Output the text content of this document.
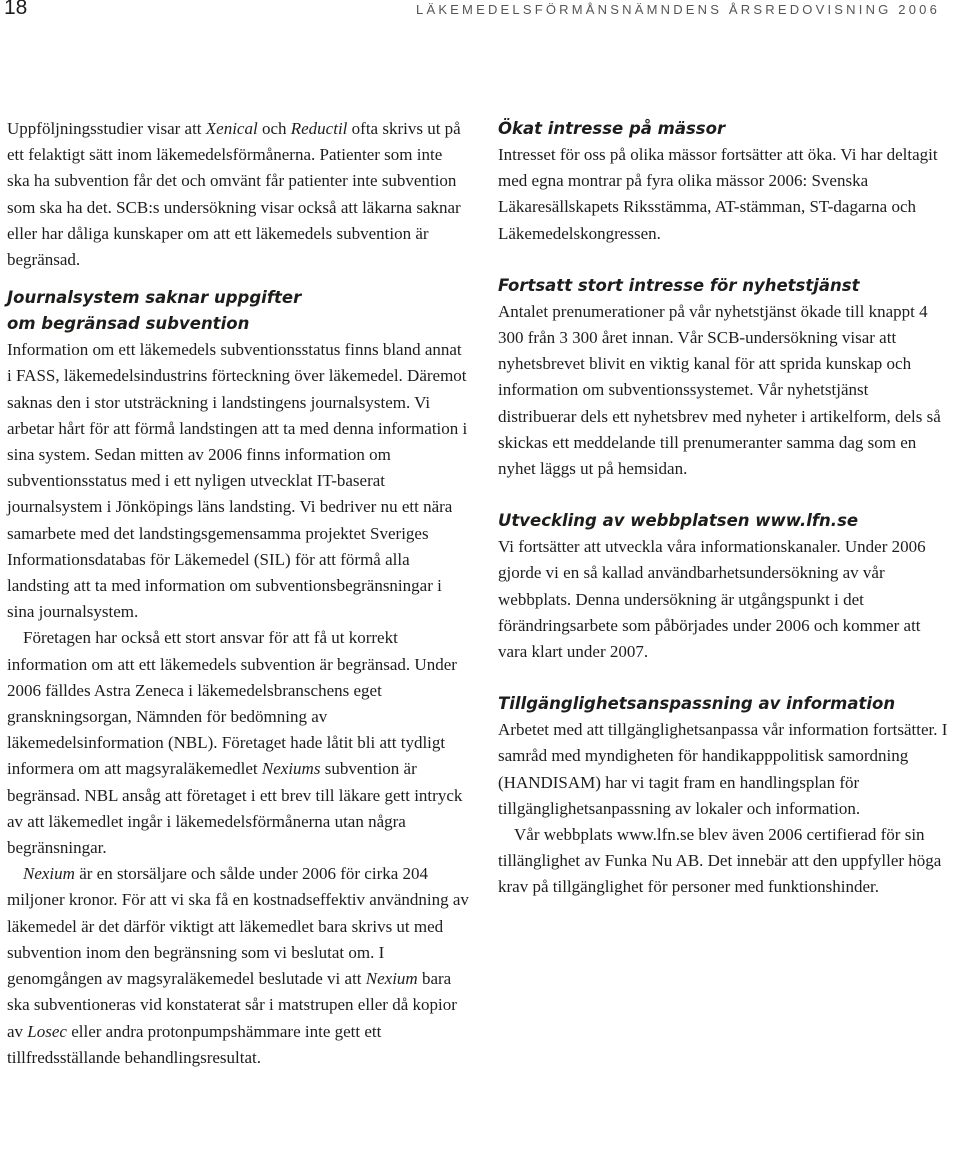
18	LÄKEMEDELSFÖRMÅNSNÄMNDENS ÅRSREDOVISNING 2006

Uppföljningsstudier visar att Xenical och Reductil ofta skrivs ut på ett felaktigt sätt inom läkemedelsförmånerna. Patienter som inte ska ha subvention får det och omvänt får patienter inte subvention som ska ha det. SCB:s undersökning visar också att läkarna saknar eller har dåliga kunskaper om att ett läkemedels subvention är begränsad.

Journalsystem saknar uppgifter
om begränsad subvention

Information om ett läkemedels subventionsstatus finns bland annat i FASS, läkemedelsindustrins förteckning över läkemedel. Däremot saknas den i stor utsträckning i landstingens journalsystem. Vi arbetar hårt för att förmå landstingen att ta med denna information i sina system. Sedan mitten av 2006 finns information om subventionsstatus med i ett nyligen utvecklat IT-baserat journalsystem i Jönköpings läns landsting. Vi bedriver nu ett nära samarbete med det landstingsgemensamma projektet Sveriges Informationsdatabas för Läkemedel (SIL) för att förmå alla landsting att ta med information om subventionsbegränsningar i sina journalsystem.

Företagen har också ett stort ansvar för att få ut korrekt information om att ett läkemedels subvention är begränsad. Under 2006 fälldes Astra Zeneca i läkemedelsbranschens eget granskningsorgan, Nämnden för bedömning av läkemedelsinformation (NBL). Företaget hade låtit bli att tydligt informera om att magsyraläkemedlet Nexiums subvention är begränsad. NBL ansåg att företaget i ett brev till läkare gett intryck av att läkemedlet ingår i läkemedelsförmånerna utan några begränsningar.

Nexium är en storsäljare och sålde under 2006 för cirka 204 miljoner kronor. För att vi ska få en kostnadseffektiv användning av läkemedel är det därför viktigt att läkemedlet bara skrivs ut med subvention inom den begränsning som vi beslutat om. I genomgången av magsyraläkemedel beslutade vi att Nexium bara ska subventioneras vid konstaterat sår i matstrupen eller då kopior av Losec eller andra protonpumpshämmare inte gett ett tillfredsställande behandlingsresultat.

Ökat intresse på mässor

Intresset för oss på olika mässor fortsätter att öka. Vi har deltagit med egna montrar på fyra olika mässor 2006: Svenska Läkaresällskapets Riksstämma, AT-stämman, ST-dagarna och Läkemedelskongressen.

Fortsatt stort intresse för nyhetstjänst

Antalet prenumerationer på vår nyhetstjänst ökade till knappt 4 300 från 3 300 året innan. Vår SCB-undersökning visar att nyhetsbrevet blivit en viktig kanal för att sprida kunskap och information om subventionssystemet. Vår nyhetstjänst distribuerar dels ett nyhetsbrev med nyheter i artikelform, dels så skickas ett meddelande till prenumeranter samma dag som en nyhet läggs ut på hemsidan.

Utveckling av webbplatsen www.lfn.se

Vi fortsätter att utveckla våra informationskanaler. Under 2006 gjorde vi en så kallad användbarhetsundersökning av vår webbplats. Denna undersökning är utgångspunkt i det förändringsarbete som påbörjades under 2006 och kommer att vara klart under 2007.

Tillgänglighetsanspassning av information

Arbetet med att tillgänglighetsanpassa vår information fortsätter. I samråd med myndigheten för handikapppolitisk samordning (HANDISAM) har vi tagit fram en handlingsplan för tillgänglighetsanpassning av lokaler och information.

Vår webbplats www.lfn.se blev även 2006 certifierad för sin tillänglighet av Funka Nu AB. Det innebär att den uppfyller höga krav på tillgänglighet för personer med funktionshinder.
